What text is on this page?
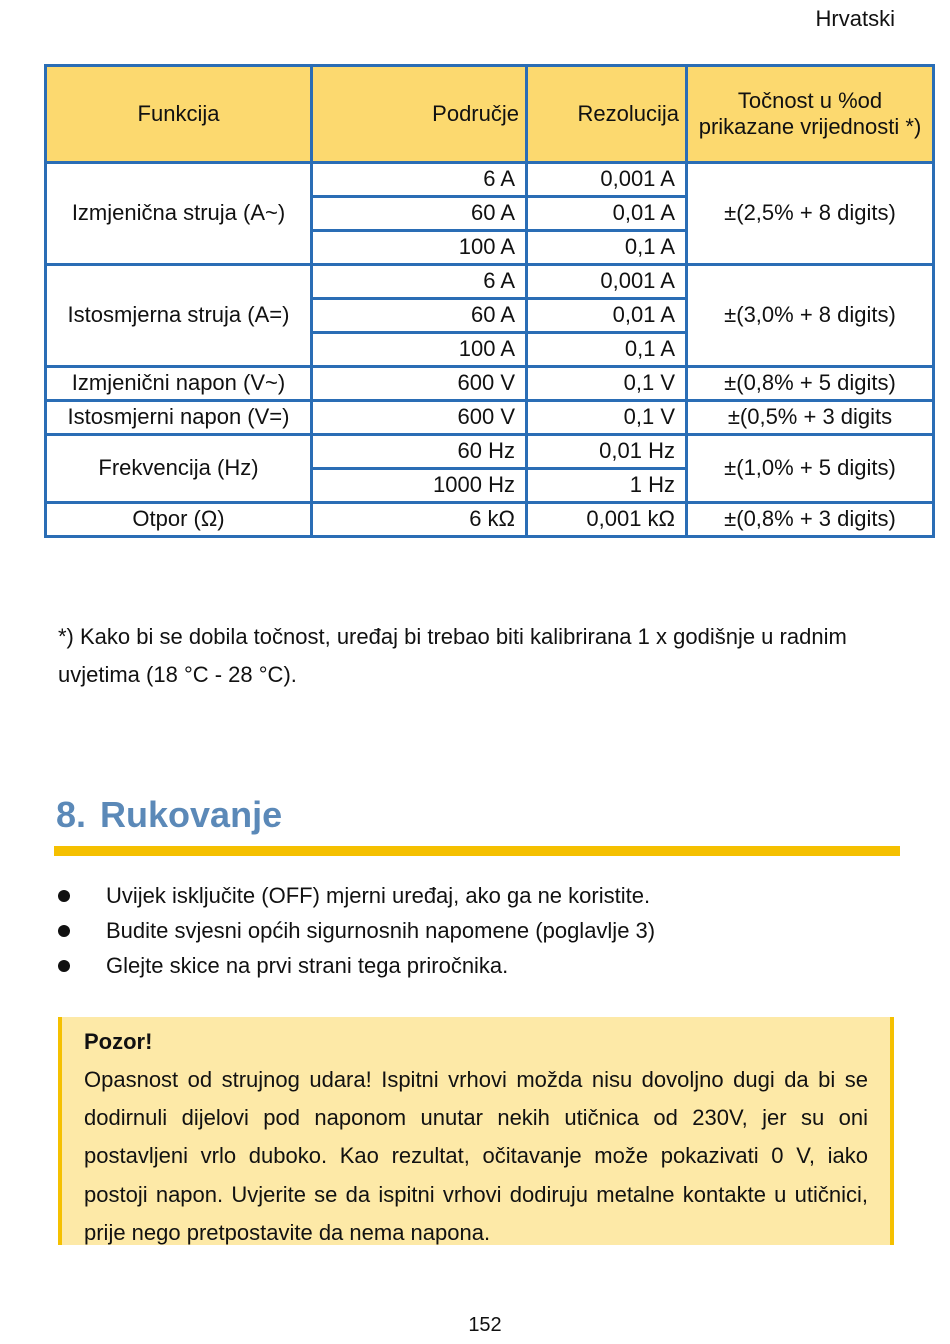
Hrvatski
Funkcija	Područje	Rezolucija	Točnost u %od prikazane vrijednosti *)
Izmjenična struja (A~)	6 A	0,001 A	±(2,5% + 8 digits)
	60 A	0,01 A	
	100 A	0,1 A	
Istosmjerna struja (A=)	6 A	0,001 A	±(3,0% + 8 digits)
	60 A	0,01 A	
	100 A	0,1 A	
Izmjenični napon (V~)	600 V	0,1 V	±(0,8% + 5 digits)
Istosmjerni napon (V=)	600 V	0,1 V	±(0,5% + 3 digits
Frekvencija (Hz)	60 Hz	0,01 Hz	±(1,0% + 5 digits)
	1000 Hz	1 Hz	
Otpor (Ω)	6 kΩ	0,001 kΩ	±(0,8% + 3 digits)

*) Kako bi se dobila točnost, uređaj bi trebao biti kalibrirana 1 x godišnje u radnim uvjetima (18 °C - 28 °C).

8. Rukovanje
Uvijek isključite (OFF) mjerni uređaj, ako ga ne koristite.
Budite svjesni općih sigurnosnih napomene (poglavlje 3)
Glejte skice na prvi strani tega priročnika.
Pozor!

Opasnost od strujnog udara! Ispitni vrhovi možda nisu dovoljno dugi da bi se dodirnuli dijelovi pod naponom unutar nekih utičnica od 230V, jer su oni postavljeni vrlo duboko. Kao rezultat, očitavanje može pokazivati 0 V, iako postoji napon. Uvjerite se da ispitni vrhovi dodiruju metalne kontakte u utičnici, prije nego pretpostavite da nema napona.

152
